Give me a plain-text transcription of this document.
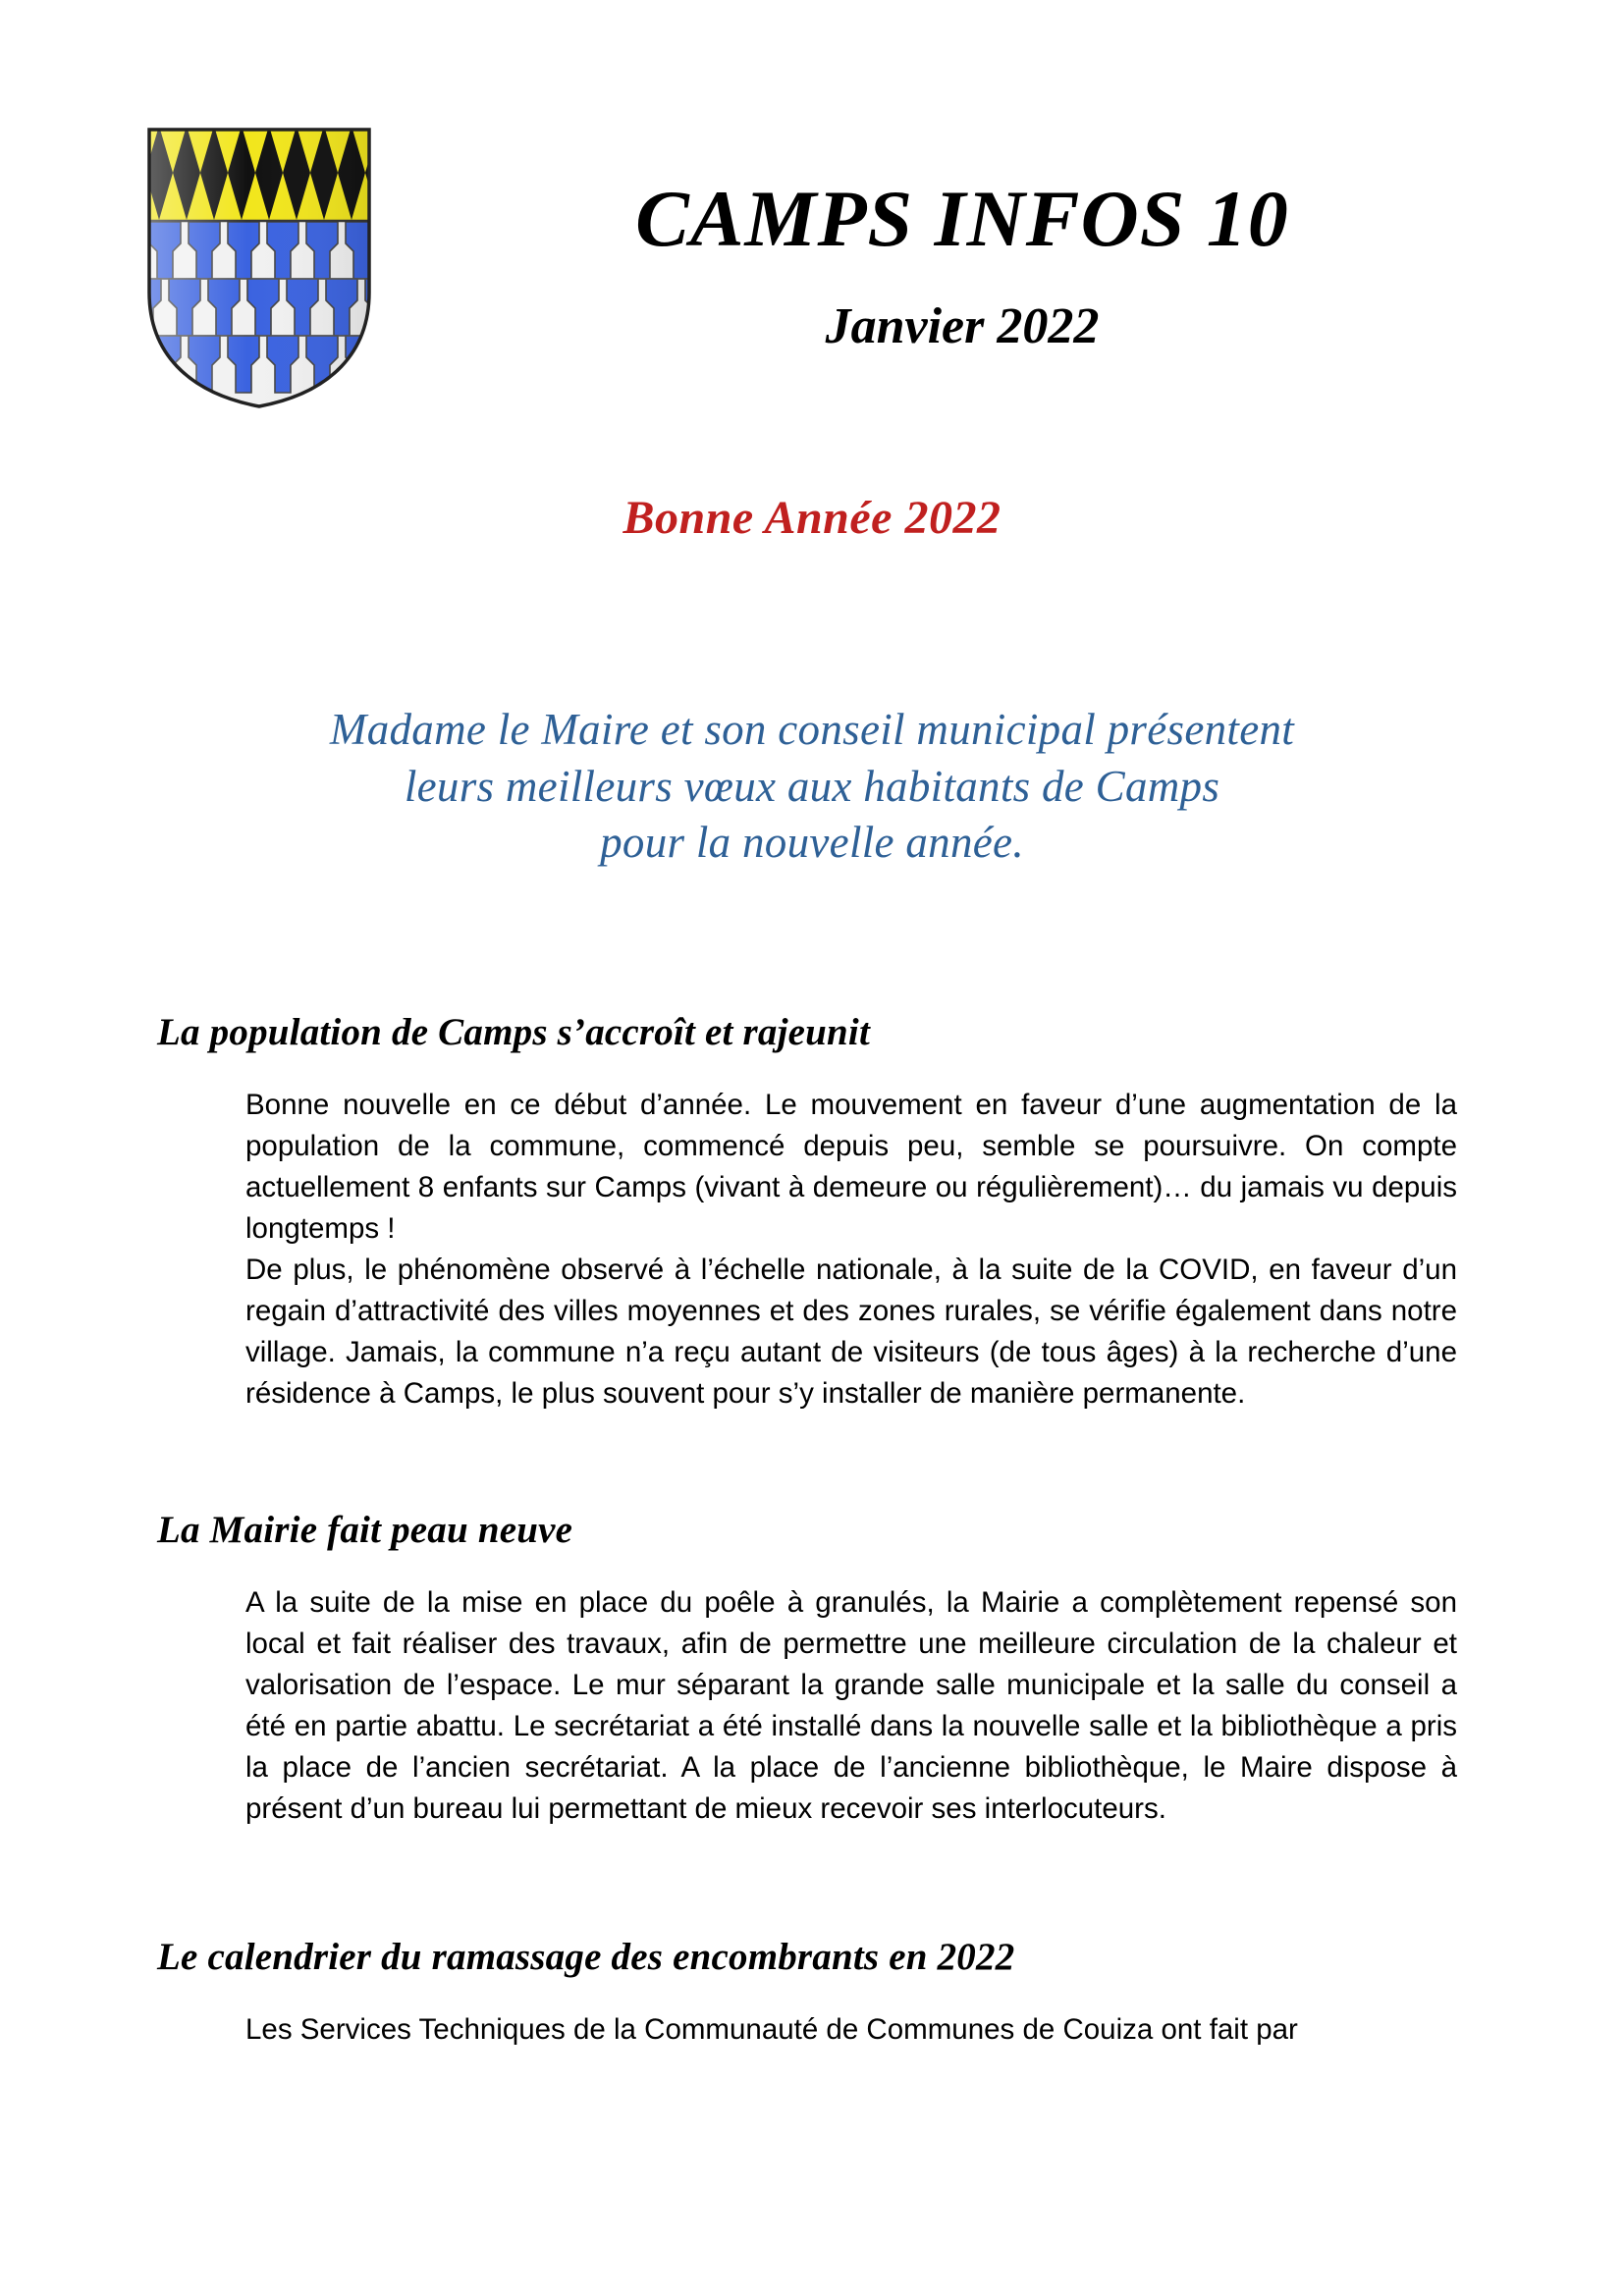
CAMPS INFOS 10
Janvier 2022
Bonne Année 2022
Madame le Maire et son conseil municipal présentent
leurs meilleurs vœux aux habitants de Camps
pour la nouvelle année.
La population de Camps s’accroît et rajeunit

Bonne nouvelle en ce début d’année. Le mouvement en faveur d’une augmentation de la population de la commune, commencé depuis peu, semble se poursuivre. On compte actuellement 8 enfants sur Camps (vivant à demeure ou régulièrement)… du jamais vu depuis longtemps !

De plus, le phénomène observé à l’échelle nationale, à la suite de la COVID, en faveur d’un regain d’attractivité des villes moyennes et des zones rurales, se vérifie également dans notre village. Jamais, la commune n’a reçu autant de visiteurs (de tous âges) à la recherche d’une résidence à Camps, le plus souvent pour s’y installer de manière permanente.

La Mairie fait peau neuve

A la suite de la mise en place du poêle à granulés, la Mairie a complètement repensé son local et fait réaliser des travaux, afin de permettre une meilleure circulation de la chaleur et valorisation de l’espace. Le mur séparant la grande salle municipale et la salle du conseil a été en partie abattu. Le secrétariat a été installé dans la nouvelle salle et la bibliothèque a pris la place de l’ancien secrétariat. A la place de l’ancienne bibliothèque, le Maire dispose à présent d’un bureau lui permettant de mieux recevoir ses interlocuteurs.

Le calendrier du ramassage des encombrants en 2022

Les Services Techniques de la Communauté de Communes de Couiza ont fait par
